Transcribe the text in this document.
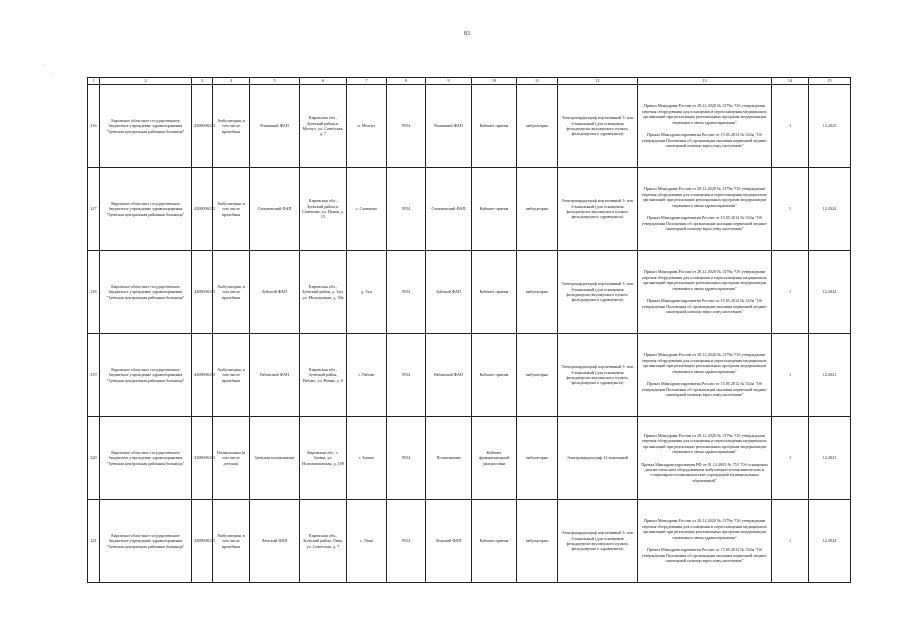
83
·
·
1	2	3	4	5	6	7	8	9	10	11	12	13	14	15
216	Кировское областное государственное бюджетное учреждение здравоохранения "Зуевская центральная районная больница"	4309006333	Амбулатория, в том числе врачебная	Ромашкий ФАП	Кировская обл., Зуевский район,п. Мотоух, ул. Советская, д. 7	п. Мотоух	9554	Ромашкий ФАП	Кабинет приема	амбулаторно	Электрокардиограф портативный 3- или 6-канальный (для оснащения фельдшерско-акушерского пункта, фельдшерского здравпункта)	Приказ Минздрава России от 28.12.2020 № 1379н "Об утверждении перечня оборудования для оснащения и переоснащения медицинских организаций при реализации региональных программ модернизации первичного звена здравоохранения"

Приказ Минздравсоцразвития России от 15.05.2012 № 543н "Об утверждении Положения об организации оказания первичной медико-санитарной помощи взрослому населению"	1	12.2025
217	Кировское областное государственное бюджетное учреждение здравоохранения "Зуевская центральная районная больница"	4309006333	Амбулатория, в том числе врачебная	Семеновский ФАП	Кировская обл., Зуевский район,п. Семеново, ул. Новая, д. 15	с. Семеново	9554	Семеновский ФАП	Кабинет приема	амбулаторно	Электрокардиограф портативный 3- или 6-канальный (для оснащения фельдшерско-акушерского пункта, фельдшерского здравпункта)	Приказ Минздрава России от 28.12.2020 № 1379н "Об утверждении перечня оборудования для оснащения и переоснащения медицинских организаций при реализации региональных программ модернизации первичного звена здравоохранения"

Приказ Минздравсоцразвития России от 15.05.2012 № 543н "Об утверждении Положения об организации оказания первичной медико-санитарной помощи взрослому населению"	1	12.2024
218	Кировское областное государственное бюджетное учреждение здравоохранения "Зуевская центральная районная больница"	4309006333	Амбулатория, в том числе врачебная	Зуйский ФАП	Кировская обл., Зуевский район, д. Зуи, ул. Молодежная, д. 30а	д. Зуи	9554	Зуйский ФАП	Кабинет приема	амбулаторно	Электрокардиограф портативный 3- или 6-канальный (для оснащения фельдшерско-акушерского пункта, фельдшерского здравпункта)	Приказ Минздрава России от 28.12.2020 № 1379н "Об утверждении перечня оборудования для оснащения и переоснащения медицинских организаций при реализации региональных программ модернизации первичного звена здравоохранения"

Приказ Минздравсоцразвития России от 15.05.2012 № 543н "Об утверждении Положения об организации оказания первичной медико-санитарной помощи взрослому населению"	1	12.2024
219	Кировское областное государственное бюджетное учреждение здравоохранения "Зуевская центральная районная больница"	4309006333	Амбулатория, в том числе врачебная	Рябовский ФАП	Кировская обл., Зуевский район, Рябово, ул. Новая, д. 8	с. Рябово	9554	Рябовский ФАП	Кабинет приема	амбулаторно	Электрокардиограф портативный 3- или 6-канальный (для оснащения фельдшерско-акушерского пункта, фельдшерского здравпункта)	Приказ Минздрава России от 28.12.2020 № 1379н "Об утверждении перечня оборудования для оснащения и переоснащения медицинских организаций при реализации региональных программ модернизации первичного звена здравоохранения"

Приказ Минздравсоцразвития России от 15.05.2012 № 543н "Об утверждении Положения об организации оказания первичной медико-санитарной помощи взрослому населению"	1	12.2023
220	Кировское областное государственное бюджетное учреждение здравоохранения "Зуевская центральная районная больница"	4309006333	Поликлиника (в том числе детская)	Зуевская поликлиника	Кировская обл., г. Зуевка, ул. Исполкомовская, д. 109	г. Зуевка	9554	Поликлиника	Кабинет функциональной диагностики	амбулаторно	Электрокардиограф 12-канальный	Приказ Минздрава России от 28.12.2020 № 1379н "Об утверждении перечня оборудования для оснащения и переоснащения медицинских организаций при реализации региональных программ модернизации первичного звена здравоохранения"

Приказ Минздравсоцразвития РФ от 01.12.2005 № 753 "Об оснащении диагностическим оборудованием амбулаторно-поликлинических и стационарно-поликлинических учреждений муниципальных образований"	1	12.2021
221	Кировское областное государственное бюджетное учреждение здравоохранения "Зуевская центральная районная больница"	4309006333	Амбулатория, в том числе врачебная	Лемский ФАП	Кировская обл., Зуевский район, Лема, ул. Советская, д. 7	с. Лема	9554	Лемский ФАП	Кабинет приема	амбулаторно	Электрокардиограф портативный 3- или 6-канальный (для оснащения фельдшерско-акушерского пункта, фельдшерского здравпункта)	Приказ Минздрава России от 28.12.2020 № 1379н "Об утверждении перечня оборудования для оснащения и переоснащения медицинских организаций при реализации региональных программ модернизации первичного звена здравоохранения"

Приказ Минздравсоцразвития России от 15.05.2012 № 543н "Об утверждении Положения об организации оказания первичной медико-санитарной помощи взрослому населению"	1	12.2024
